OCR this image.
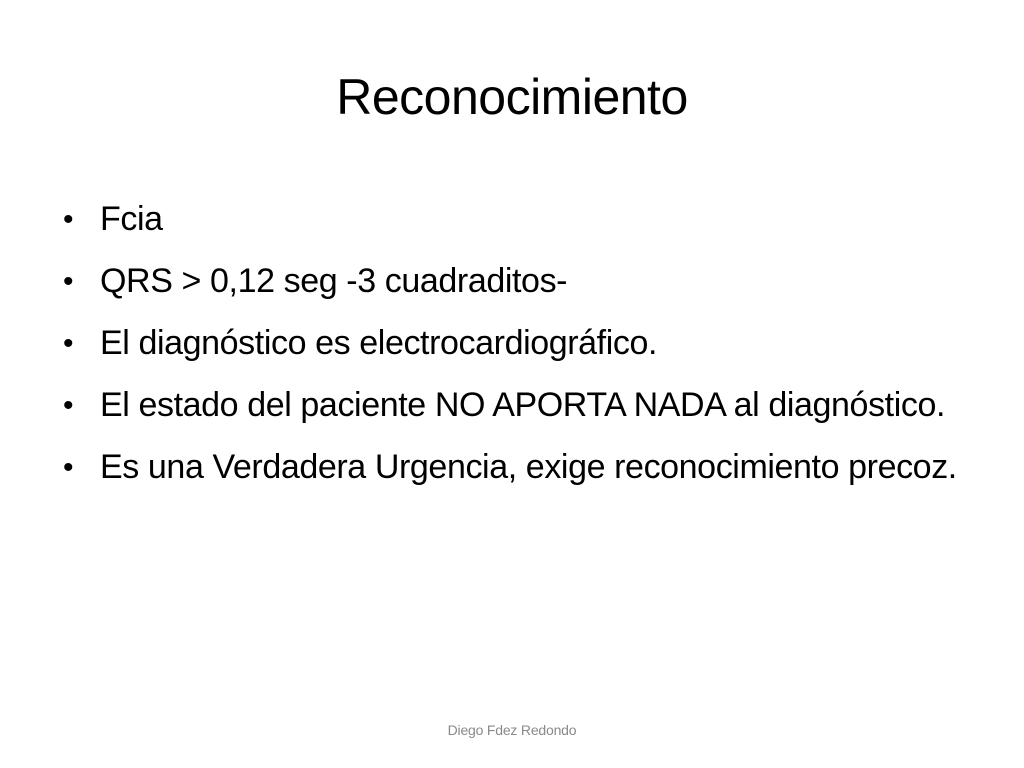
Reconocimiento
• Fcia
• QRS > 0,12 seg -3 cuadraditos-
• El diagnóstico es electrocardiográfico.
• El estado del paciente NO APORTA NADA al diagnóstico.
• Es una Verdadera Urgencia, exige reconocimiento precoz.
Diego Fdez Redondo
